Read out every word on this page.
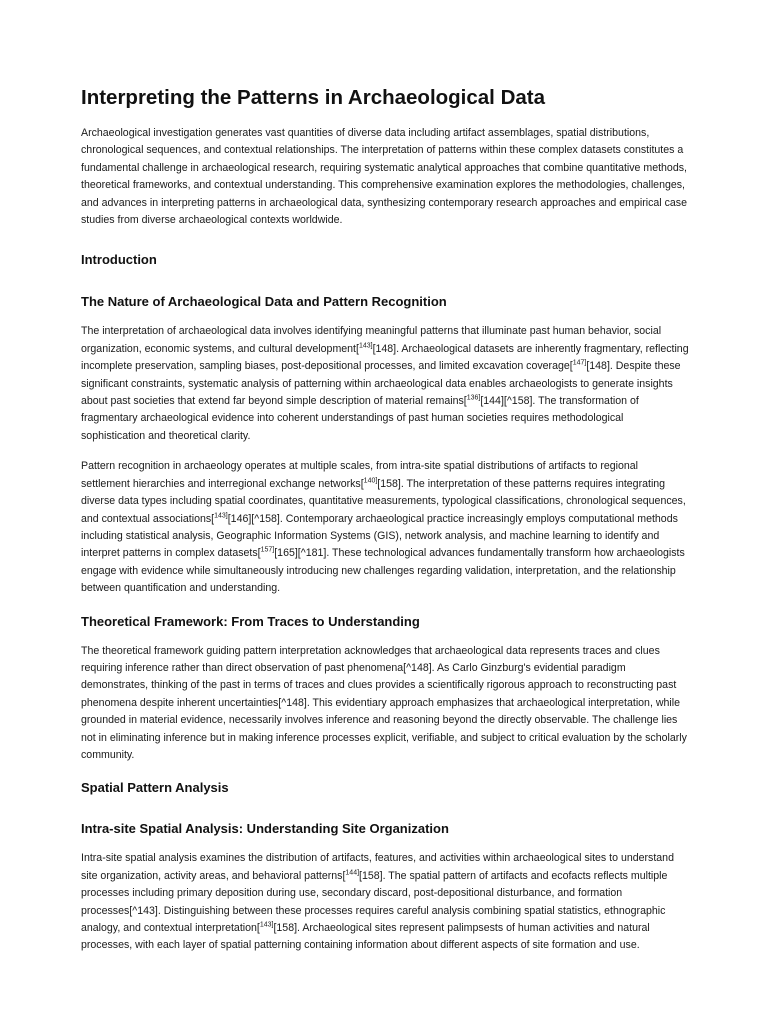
Interpreting the Patterns in Archaeological Data

Archaeological investigation generates vast quantities of diverse data including artifact assemblages, spatial distributions, chronological sequences, and contextual relationships. The interpretation of patterns within these complex datasets constitutes a fundamental challenge in archaeological research, requiring systematic analytical approaches that combine quantitative methods, theoretical frameworks, and contextual understanding. This comprehensive examination explores the methodologies, challenges, and advances in interpreting patterns in archaeological data, synthesizing contemporary research approaches and empirical case studies from diverse archaeological contexts worldwide.

Introduction
The Nature of Archaeological Data and Pattern Recognition

The interpretation of archaeological data involves identifying meaningful patterns that illuminate past human behavior, social organization, economic systems, and cultural development[$^{143]}$[148]. Archaeological datasets are inherently fragmentary, reflecting incomplete preservation, sampling biases, post-depositional processes, and limited excavation coverage[$^{147]}$[148]. Despite these significant constraints, systematic analysis of patterning within archaeological data enables archaeologists to generate insights about past societies that extend far beyond simple description of material remains[$^{136]}$[144][^158]. The transformation of fragmentary archaeological evidence into coherent understandings of past human societies requires methodological sophistication and theoretical clarity.

Pattern recognition in archaeology operates at multiple scales, from intra-site spatial distributions of artifacts to regional settlement hierarchies and interregional exchange networks[$^{140]}$[158]. The interpretation of these patterns requires integrating diverse data types including spatial coordinates, quantitative measurements, typological classifications, chronological sequences, and contextual associations[$^{143]}$[146][^158]. Contemporary archaeological practice increasingly employs computational methods including statistical analysis, Geographic Information Systems (GIS), network analysis, and machine learning to identify and interpret patterns in complex datasets[$^{157]}$[165][^181]. These technological advances fundamentally transform how archaeologists engage with evidence while simultaneously introducing new challenges regarding validation, interpretation, and the relationship between quantification and understanding.

Theoretical Framework: From Traces to Understanding

The theoretical framework guiding pattern interpretation acknowledges that archaeological data represents traces and clues requiring inference rather than direct observation of past phenomena[^148]. As Carlo Ginzburg's evidential paradigm demonstrates, thinking of the past in terms of traces and clues provides a scientifically rigorous approach to reconstructing past phenomena despite inherent uncertainties[^148]. This evidentiary approach emphasizes that archaeological interpretation, while grounded in material evidence, necessarily involves inference and reasoning beyond the directly observable. The challenge lies not in eliminating inference but in making inference processes explicit, verifiable, and subject to critical evaluation by the scholarly community.

Spatial Pattern Analysis
Intra-site Spatial Analysis: Understanding Site Organization

Intra-site spatial analysis examines the distribution of artifacts, features, and activities within archaeological sites to understand site organization, activity areas, and behavioral patterns[$^{144]}$[158]. The spatial pattern of artifacts and ecofacts reflects multiple processes including primary deposition during use, secondary discard, post-depositional disturbance, and formation processes[^143]. Distinguishing between these processes requires careful analysis combining spatial statistics, ethnographic analogy, and contextual interpretation[$^{143]}$[158]. Archaeological sites represent palimpsests of human activities and natural processes, with each layer of spatial patterning containing information about different aspects of site formation and use.
